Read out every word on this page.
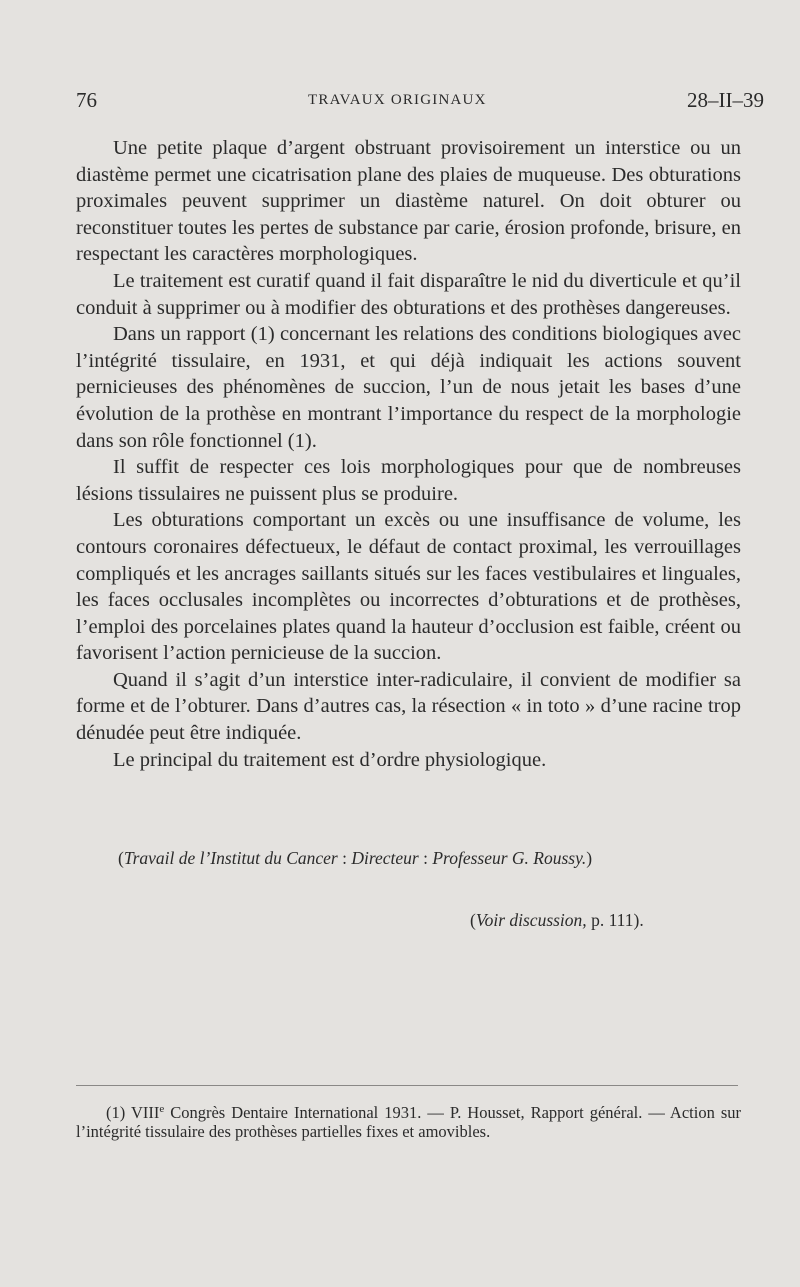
76	TRAVAUX ORIGINAUX	28–II–39

Une petite plaque d’argent obstruant provisoirement un interstice ou un diastème permet une cicatrisation plane des plaies de muqueuse. Des obturations proximales peuvent supprimer un diastème naturel. On doit obturer ou reconstituer toutes les pertes de substance par carie, érosion profonde, brisure, en respectant les caractères morphologiques.

Le traitement est curatif quand il fait disparaître le nid du diverticule et qu’il conduit à supprimer ou à modifier des obturations et des prothèses dangereuses.

Dans un rapport (1) concernant les relations des conditions biologiques avec l’intégrité tissulaire, en 1931, et qui déjà indiquait les actions souvent pernicieuses des phénomènes de succion, l’un de nous jetait les bases d’une évolution de la prothèse en montrant l’importance du respect de la morphologie dans son rôle fonctionnel (1).

Il suffit de respecter ces lois morphologiques pour que de nombreuses lésions tissulaires ne puissent plus se produire.

Les obturations comportant un excès ou une insuffisance de volume, les contours coronaires défectueux, le défaut de contact proximal, les verrouillages compliqués et les ancrages saillants situés sur les faces vestibulaires et linguales, les faces occlusales incomplètes ou incorrectes d’obturations et de prothèses, l’emploi des porcelaines plates quand la hauteur d’occlusion est faible, créent ou favorisent l’action pernicieuse de la succion.

Quand il s’agit d’un interstice inter-radiculaire, il convient de modifier sa forme et de l’obturer. Dans d’autres cas, la résection « in toto » d’une racine trop dénudée peut être indiquée.

Le principal du traitement est d’ordre physiologique.

(Travail de l’Institut du Cancer : Directeur : Professeur G. Roussy.)
(Voir discussion, p. 111).
(1) VIIIe Congrès Dentaire International 1931. — P. Housset, Rapport général. — Action sur l’intégrité tissulaire des prothèses partielles fixes et amovibles.
